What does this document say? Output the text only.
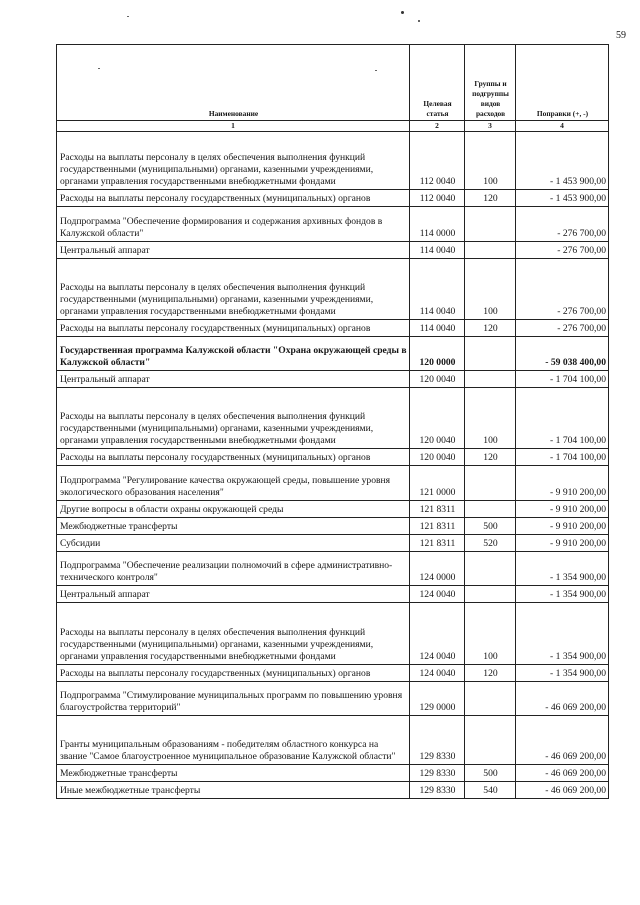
59
Наименование	Целевая статья	Группы и подгруппы видов расходов	Поправки (+, -)
1	2	3	4
Расходы на выплаты персоналу в целях обеспечения выполнения функций государственными (муниципальными) органами, казенными учреждениями, органами управления государственными внебюджетными фондами	112 0040	100	- 1 453 900,00
Расходы на выплаты персоналу государственных (муниципальных) органов	112 0040	120	- 1 453 900,00
Подпрограмма "Обеспечение формирования и содержания архивных фондов в Калужской области"	114 0000		- 276 700,00
Центральный аппарат	114 0040		- 276 700,00
Расходы на выплаты персоналу в целях обеспечения выполнения функций государственными (муниципальными) органами, казенными учреждениями, органами управления государственными внебюджетными фондами	114 0040	100	- 276 700,00
Расходы на выплаты персоналу государственных (муниципальных) органов	114 0040	120	- 276 700,00
Государственная программа Калужской области "Охрана окружающей среды в Калужской области"	120 0000		- 59 038 400,00
Центральный аппарат	120 0040		- 1 704 100,00
Расходы на выплаты персоналу в целях обеспечения выполнения функций государственными (муниципальными) органами, казенными учреждениями, органами управления государственными внебюджетными фондами	120 0040	100	- 1 704 100,00
Расходы на выплаты персоналу государственных (муниципальных) органов	120 0040	120	- 1 704 100,00
Подпрограмма "Регулирование качества окружающей среды, повышение уровня экологического образования населения"	121 0000		- 9 910 200,00
Другие вопросы в области охраны окружающей среды	121 8311		- 9 910 200,00
Межбюджетные трансферты	121 8311	500	- 9 910 200,00
Субсидии	121 8311	520	- 9 910 200,00
Подпрограмма "Обеспечение реализации полномочий в сфере административно-технического контроля"	124 0000		- 1 354 900,00
Центральный аппарат	124 0040		- 1 354 900,00
Расходы на выплаты персоналу в целях обеспечения выполнения функций государственными (муниципальными) органами, казенными учреждениями, органами управления государственными внебюджетными фондами	124 0040	100	- 1 354 900,00
Расходы на выплаты персоналу государственных (муниципальных) органов	124 0040	120	- 1 354 900,00
Подпрограмма "Стимулирование муниципальных программ по повышению уровня благоустройства территорий"	129 0000		- 46 069 200,00
Гранты муниципальным образованиям - победителям областного конкурса на звание "Самое благоустроенное муниципальное образование Калужской области"	129 8330		- 46 069 200,00
Межбюджетные трансферты	129 8330	500	- 46 069 200,00
Иные межбюджетные трансферты	129 8330	540	- 46 069 200,00
